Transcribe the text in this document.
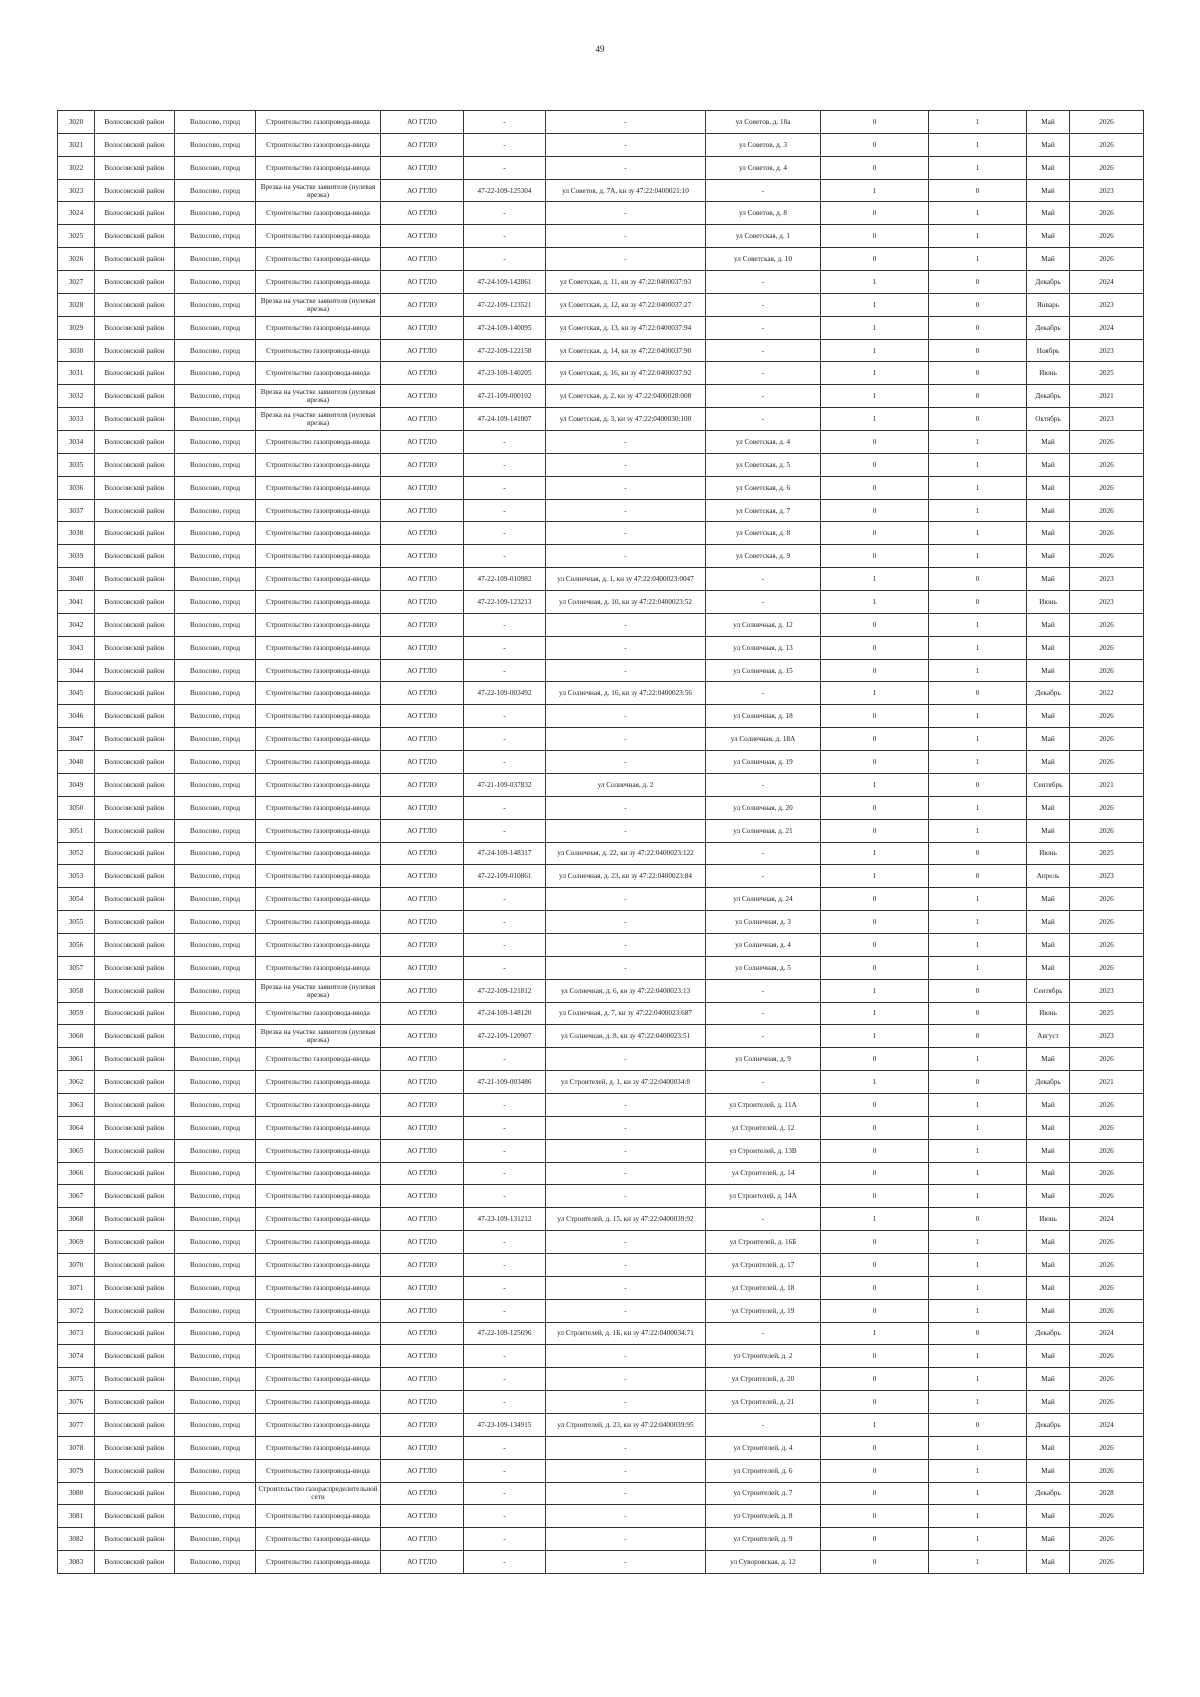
49
3020	Волосовский район	Волосово, город	Строительство газопровода-ввода	АО ГГЛО	-	-	ул Советов, д. 18а	0	1	Май	2026
3021	Волосовский район	Волосово, город	Строительство газопровода-ввода	АО ГГЛО	-	-	ул Советов, д. 3	0	1	Май	2026
3022	Волосовский район	Волосово, город	Строительство газопровода-ввода	АО ГГЛО	-	-	ул Советов, д. 4	0	1	Май	2026
3023	Волосовский район	Волосово, город	Врезка на участке заявителя (нулевая врезка)	АО ГГЛО	47-22-109-125304	ул Советов, д. 7А, кн зу 47:22:0400021:10	-	1	0	Май	2023
3024	Волосовский район	Волосово, город	Строительство газопровода-ввода	АО ГГЛО	-	-	ул Советов, д. 8	0	1	Май	2026
3025	Волосовский район	Волосово, город	Строительство газопровода-ввода	АО ГГЛО	-	-	ул Советская, д. 1	0	1	Май	2026
3026	Волосовский район	Волосово, город	Строительство газопровода-ввода	АО ГГЛО	-	-	ул Советская, д. 10	0	1	Май	2026
3027	Волосовский район	Волосово, город	Строительство газопровода-ввода	АО ГГЛО	47-24-109-142861	ул Советская, д. 11, кн зу 47:22:0400037:93	-	1	0	Декабрь	2024
3028	Волосовский район	Волосово, город	Врезка на участке заявителя (нулевая врезка)	АО ГГЛО	47-22-109-123521	ул Советская, д. 12, кн зу 47:22:0400037:27	-	1	0	Январь	2023
3029	Волосовский район	Волосово, город	Строительство газопровода-ввода	АО ГГЛО	47-24-109-140095	ул Советская, д. 13, кн зу 47:22:0400037:94	-	1	0	Декабрь	2024
3030	Волосовский район	Волосово, город	Строительство газопровода-ввода	АО ГГЛО	47-22-109-122158	ул Советская, д. 14, кн зу 47:22:0400037:90	-	1	0	Ноябрь	2023
3031	Волосовский район	Волосово, город	Строительство газопровода-ввода	АО ГГЛО	47-23-109-140205	ул Советская, д. 16, кн зу 47:22:0400037:92	-	1	0	Июнь	2025
3032	Волосовский район	Волосово, город	Врезка на участке заявителя (нулевая врезка)	АО ГГЛО	47-21-109-000102	ул Советская, д. 2, кн зу 47:22:0400028:008	-	1	0	Декабрь	2021
3033	Волосовский район	Волосово, город	Врезка на участке заявителя (нулевая врезка)	АО ГГЛО	47-24-109-141007	ул Советская, д. 3, кн зу 47:22:0400030:100	-	1	0	Октябрь	2023
3034	Волосовский район	Волосово, город	Строительство газопровода-ввода	АО ГГЛО	-	-	ул Советская, д. 4	0	1	Май	2026
3035	Волосовский район	Волосово, город	Строительство газопровода-ввода	АО ГГЛО	-	-	ул Советская, д. 5	0	1	Май	2026
3036	Волосовский район	Волосово, город	Строительство газопровода-ввода	АО ГГЛО	-	-	ул Советская, д. 6	0	1	Май	2026
3037	Волосовский район	Волосово, город	Строительство газопровода-ввода	АО ГГЛО	-	-	ул Советская, д. 7	0	1	Май	2026
3038	Волосовский район	Волосово, город	Строительство газопровода-ввода	АО ГГЛО	-	-	ул Советская, д. 8	0	1	Май	2026
3039	Волосовский район	Волосово, город	Строительство газопровода-ввода	АО ГГЛО	-	-	ул Советская, д. 9	0	1	Май	2026
3040	Волосовский район	Волосово, город	Строительство газопровода-ввода	АО ГГЛО	47-22-109-010982	ул Солнечная, д. 1, кн зу 47:22:0400023:0047	-	1	0	Май	2023
3041	Волосовский район	Волосово, город	Строительство газопровода-ввода	АО ГГЛО	47-22-109-123213	ул Солнечная, д. 10, кн зу 47:22:0400023:52	-	1	0	Июнь	2023
3042	Волосовский район	Волосово, город	Строительство газопровода-ввода	АО ГГЛО	-	-	ул Солнечная, д. 12	0	1	Май	2026
3043	Волосовский район	Волосово, город	Строительство газопровода-ввода	АО ГГЛО	-	-	ул Солнечная, д. 13	0	1	Май	2026
3044	Волосовский район	Волосово, город	Строительство газопровода-ввода	АО ГГЛО	-	-	ул Солнечная, д. 15	0	1	Май	2026
3045	Волосовский район	Волосово, город	Строительство газопровода-ввода	АО ГГЛО	47-22-109-003492	ул Солнечная, д. 16, кн зу 47:22:0400023:56	-	1	0	Декабрь	2022
3046	Волосовский район	Волосово, город	Строительство газопровода-ввода	АО ГГЛО	-	-	ул Солнечная, д. 18	0	1	Май	2026
3047	Волосовский район	Волосово, город	Строительство газопровода-ввода	АО ГГЛО	-	-	ул Солнечная, д. 18А	0	1	Май	2026
3048	Волосовский район	Волосово, город	Строительство газопровода-ввода	АО ГГЛО	-	-	ул Солнечная, д. 19	0	1	Май	2026
3049	Волосовский район	Волосово, город	Строительство газопровода-ввода	АО ГГЛО	47-21-109-037832	ул Солнечная, д. 2	-	1	0	Сентябрь	2021
3050	Волосовский район	Волосово, город	Строительство газопровода-ввода	АО ГГЛО	-	-	ул Солнечная, д. 20	0	1	Май	2026
3051	Волосовский район	Волосово, город	Строительство газопровода-ввода	АО ГГЛО	-	-	ул Солнечная, д. 21	0	1	Май	2026
3052	Волосовский район	Волосово, город	Строительство газопровода-ввода	АО ГГЛО	47-24-109-148317	ул Солнечная, д. 22, кн зу 47:22:0400023:122	-	1	0	Июнь	2025
3053	Волосовский район	Волосово, город	Строительство газопровода-ввода	АО ГГЛО	47-22-109-010861	ул Солнечная, д. 23, кн зу 47:22:0400023:84	-	1	0	Апрель	2023
3054	Волосовский район	Волосово, город	Строительство газопровода-ввода	АО ГГЛО	-	-	ул Солнечная, д. 24	0	1	Май	2026
3055	Волосовский район	Волосово, город	Строительство газопровода-ввода	АО ГГЛО	-	-	ул Солнечная, д. 3	0	1	Май	2026
3056	Волосовский район	Волосово, город	Строительство газопровода-ввода	АО ГГЛО	-	-	ул Солнечная, д. 4	0	1	Май	2026
3057	Волосовский район	Волосово, город	Строительство газопровода-ввода	АО ГГЛО	-	-	ул Солнечная, д. 5	0	1	Май	2026
3058	Волосовский район	Волосово, город	Врезка на участке заявителя (нулевая врезка)	АО ГГЛО	47-22-109-121812	ул Солнечная, д. 6, кн зу 47:22:0400023:13	-	1	0	Сентябрь	2023
3059	Волосовский район	Волосово, город	Строительство газопровода-ввода	АО ГГЛО	47-24-109-148120	ул Солнечная, д. 7, кн зу 47:22:0400023:687	-	1	0	Июнь	2025
3060	Волосовский район	Волосово, город	Врезка на участке заявителя (нулевая врезка)	АО ГГЛО	47-22-109-120907	ул Солнечная, д. 8, кн зу 47:22:0400023:51	-	1	0	Август	2023
3061	Волосовский район	Волосово, город	Строительство газопровода-ввода	АО ГГЛО	-	-	ул Солнечная, д. 9	0	1	Май	2026
3062	Волосовский район	Волосово, город	Строительство газопровода-ввода	АО ГГЛО	47-21-109-003486	ул Строителей, д. 1, кн зу 47:22:0400034:8	-	1	0	Декабрь	2021
3063	Волосовский район	Волосово, город	Строительство газопровода-ввода	АО ГГЛО	-	-	ул Строителей, д. 11А	0	1	Май	2026
3064	Волосовский район	Волосово, город	Строительство газопровода-ввода	АО ГГЛО	-	-	ул Строителей, д. 12	0	1	Май	2026
3065	Волосовский район	Волосово, город	Строительство газопровода-ввода	АО ГГЛО	-	-	ул Строителей, д. 13В	0	1	Май	2026
3066	Волосовский район	Волосово, город	Строительство газопровода-ввода	АО ГГЛО	-	-	ул Строителей, д. 14	0	1	Май	2026
3067	Волосовский район	Волосово, город	Строительство газопровода-ввода	АО ГГЛО	-	-	ул Строителей, д. 14А	0	1	Май	2026
3068	Волосовский район	Волосово, город	Строительство газопровода-ввода	АО ГГЛО	47-23-109-131212	ул Строителей, д. 15, кн зу 47:22:0400039:92	-	1	0	Июнь	2024
3069	Волосовский район	Волосово, город	Строительство газопровода-ввода	АО ГГЛО	-	-	ул Строителей, д. 16Б	0	1	Май	2026
3070	Волосовский район	Волосово, город	Строительство газопровода-ввода	АО ГГЛО	-	-	ул Строителей, д. 17	0	1	Май	2026
3071	Волосовский район	Волосово, город	Строительство газопровода-ввода	АО ГГЛО	-	-	ул Строителей, д. 18	0	1	Май	2026
3072	Волосовский район	Волосово, город	Строительство газопровода-ввода	АО ГГЛО	-	-	ул Строителей, д. 19	0	1	Май	2026
3073	Волосовский район	Волосово, город	Строительство газопровода-ввода	АО ГГЛО	47-22-109-125696	ул Строителей, д. 1Б, кн зу 47:22:0400034:71	-	1	0	Декабрь	2024
3074	Волосовский район	Волосово, город	Строительство газопровода-ввода	АО ГГЛО	-	-	ул Строителей, д. 2	0	1	Май	2026
3075	Волосовский район	Волосово, город	Строительство газопровода-ввода	АО ГГЛО	-	-	ул Строителей, д. 20	0	1	Май	2026
3076	Волосовский район	Волосово, город	Строительство газопровода-ввода	АО ГГЛО	-	-	ул Строителей, д. 21	0	1	Май	2026
3077	Волосовский район	Волосово, город	Строительство газопровода-ввода	АО ГГЛО	47-23-109-134915	ул Строителей, д. 23, кн зу 47:22:0400039:95	-	1	0	Декабрь	2024
3078	Волосовский район	Волосово, город	Строительство газопровода-ввода	АО ГГЛО	-	-	ул Строителей, д. 4	0	1	Май	2026
3079	Волосовский район	Волосово, город	Строительство газопровода-ввода	АО ГГЛО	-	-	ул Строителей, д. 6	0	1	Май	2026
3080	Волосовский район	Волосово, город	Строительство газораспределительной сети	АО ГГЛО	-	-	ул Строителей, д. 7	0	1	Декабрь	2028
3081	Волосовский район	Волосово, город	Строительство газопровода-ввода	АО ГГЛО	-	-	ул Строителей, д. 8	0	1	Май	2026
3082	Волосовский район	Волосово, город	Строительство газопровода-ввода	АО ГГЛО	-	-	ул Строителей, д. 9	0	1	Май	2026
3083	Волосовский район	Волосово, город	Строительство газопровода-ввода	АО ГГЛО	-	-	ул Суворовская, д. 12	0	1	Май	2026
